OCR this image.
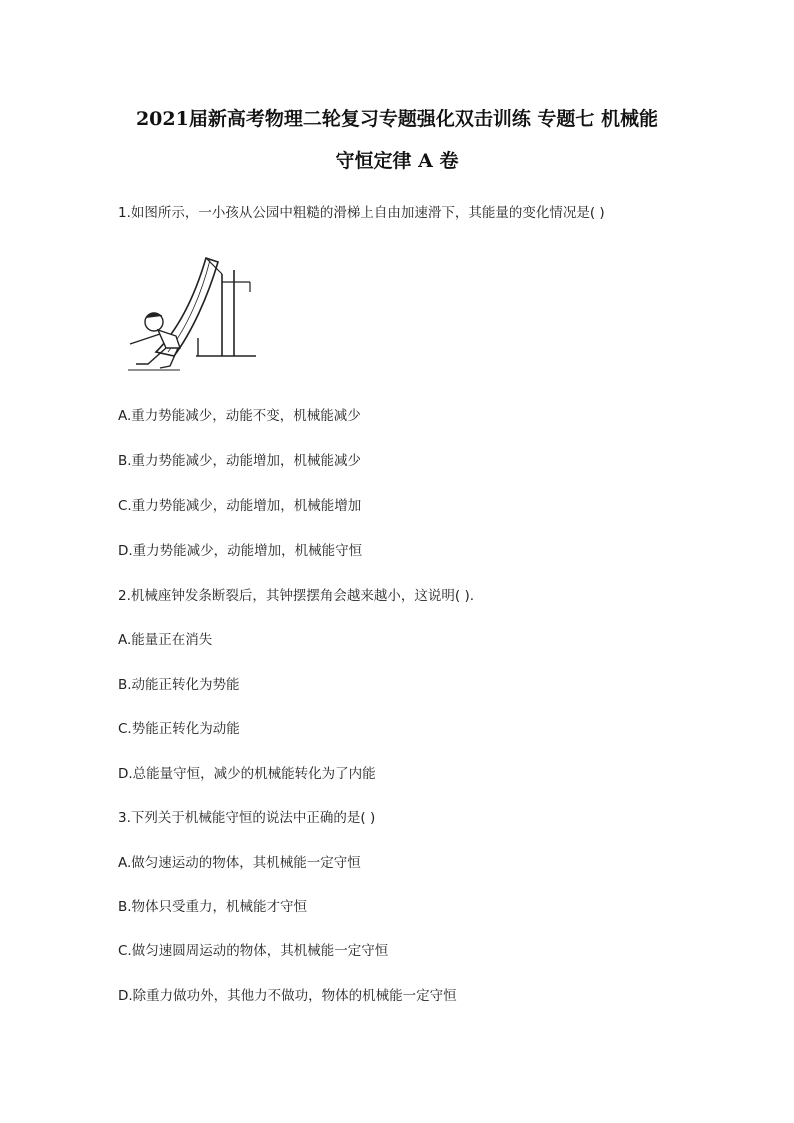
2021届新高考物理二轮复习专题强化双击训练 专题七 机械能
守恒定律 A 卷
1.如图所示，一小孩从公园中粗糙的滑梯上自由加速滑下，其能量的变化情况是( )
A.重力势能减少，动能不变，机械能减少
B.重力势能减少，动能增加，机械能减少
C.重力势能减少，动能增加，机械能增加
D.重力势能减少，动能增加，机械能守恒
2.机械座钟发条断裂后，其钟摆摆角会越来越小，这说明( ).
A.能量正在消失
B.动能正转化为势能
C.势能正转化为动能
D.总能量守恒，减少的机械能转化为了内能
3.下列关于机械能守恒的说法中正确的是( )
A.做匀速运动的物体，其机械能一定守恒
B.物体只受重力，机械能才守恒
C.做匀速圆周运动的物体，其机械能一定守恒
D.除重力做功外，其他力不做功，物体的机械能一定守恒
